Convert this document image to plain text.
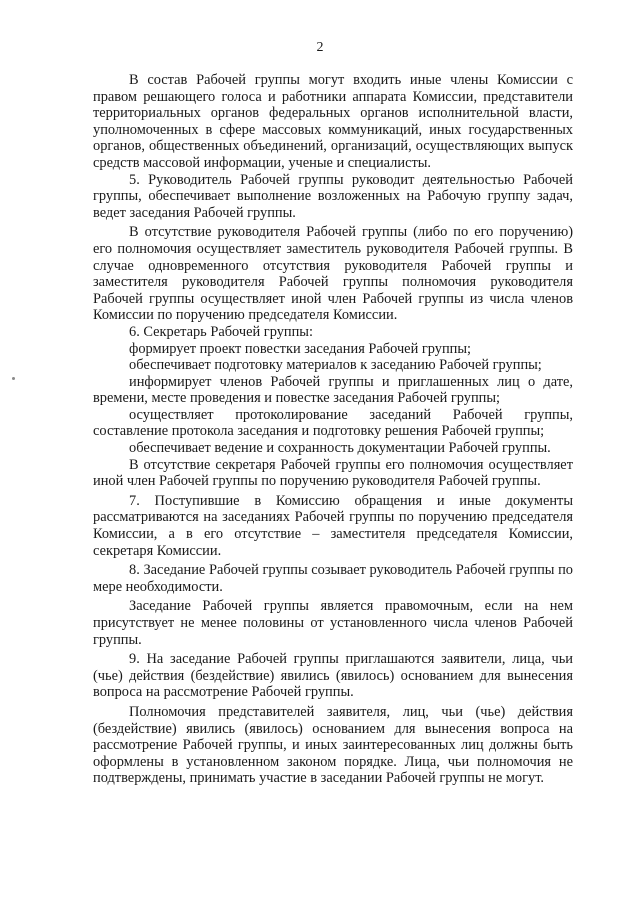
2

В состав Рабочей группы могут входить иные члены Комиссии с правом решающего голоса и работники аппарата Комиссии, представители территориальных органов федеральных органов исполнительной власти, уполномоченных в сфере массовых коммуникаций, иных государственных органов, общественных объединений, организаций, осуществляющих выпуск средств массовой информации, ученые и специалисты.

5. Руководитель Рабочей группы руководит деятельностью Рабочей группы, обеспечивает выполнение возложенных на Рабочую группу задач, ведет заседания Рабочей группы.

В отсутствие руководителя Рабочей группы (либо по его поручению) его полномочия осуществляет заместитель руководителя Рабочей группы. В случае одновременного отсутствия руководителя Рабочей группы и заместителя руководителя Рабочей группы полномочия руководителя Рабочей группы осуществляет иной член Рабочей группы из числа членов Комиссии по поручению председателя Комиссии.

6. Секретарь Рабочей группы:

формирует проект повестки заседания Рабочей группы;

обеспечивает подготовку материалов к заседанию Рабочей группы;

информирует членов Рабочей группы и приглашенных лиц о дате, времени, месте проведения и повестке заседания Рабочей группы;

осуществляет протоколирование заседаний Рабочей группы, составление протокола заседания и подготовку решения Рабочей группы;

обеспечивает ведение и сохранность документации Рабочей группы.

В отсутствие секретаря Рабочей группы его полномочия осуществляет иной член Рабочей группы по поручению руководителя Рабочей группы.

7. Поступившие в Комиссию обращения и иные документы рассматриваются на заседаниях Рабочей группы по поручению председателя Комиссии, а в его отсутствие – заместителя председателя Комиссии, секретаря Комиссии.

8. Заседание Рабочей группы созывает руководитель Рабочей группы по мере необходимости.

Заседание Рабочей группы является правомочным, если на нем присутствует не менее половины от установленного числа членов Рабочей группы.

9. На заседание Рабочей группы приглашаются заявители, лица, чьи (чье) действия (бездействие) явились (явилось) основанием для вынесения вопроса на рассмотрение Рабочей группы.

Полномочия представителей заявителя, лиц, чьи (чье) действия (бездействие) явились (явилось) основанием для вынесения вопроса на рассмотрение Рабочей группы, и иных заинтересованных лиц должны быть оформлены в установленном законом порядке. Лица, чьи полномочия не подтверждены, принимать участие в заседании Рабочей группы не могут.
